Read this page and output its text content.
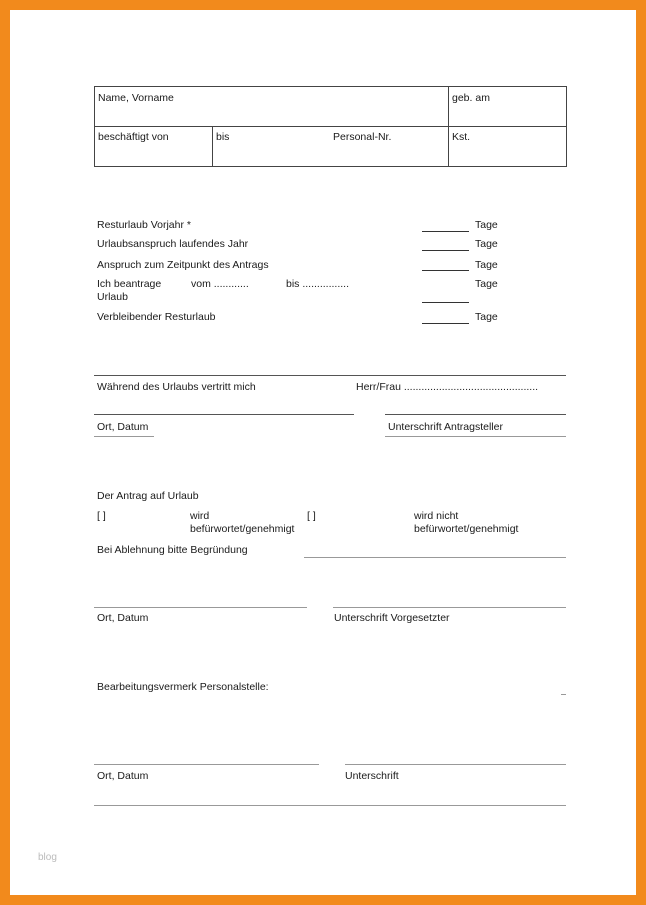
Name, Vorname		geb. am

beschäftigt von	bis Personal-Nr.	Kst.
Resturlaub Vorjahr *	Tage
Urlaubsanspruch laufendes Jahr	Tage
Anspruch zum Zeitpunkt des Antrags	Tage
Ich beantrage	vom ............	bis ................	Tage
Urlaub
Verbleibender Resturlaub	Tage
Während des Urlaubs vertritt mich	Herr/Frau ..............................................
Ort, Datum	Unterschrift Antragsteller
Der Antrag auf Urlaub
[ ]	wird
befürwortet/genehmigt
[ ]	wird nicht
befürwortet/genehmigt
Bei Ablehnung bitte Begründung
Ort, Datum	Unterschrift Vorgesetzter
Bearbeitungsvermerk Personalstelle:
Ort, Datum	Unterschrift
blog
